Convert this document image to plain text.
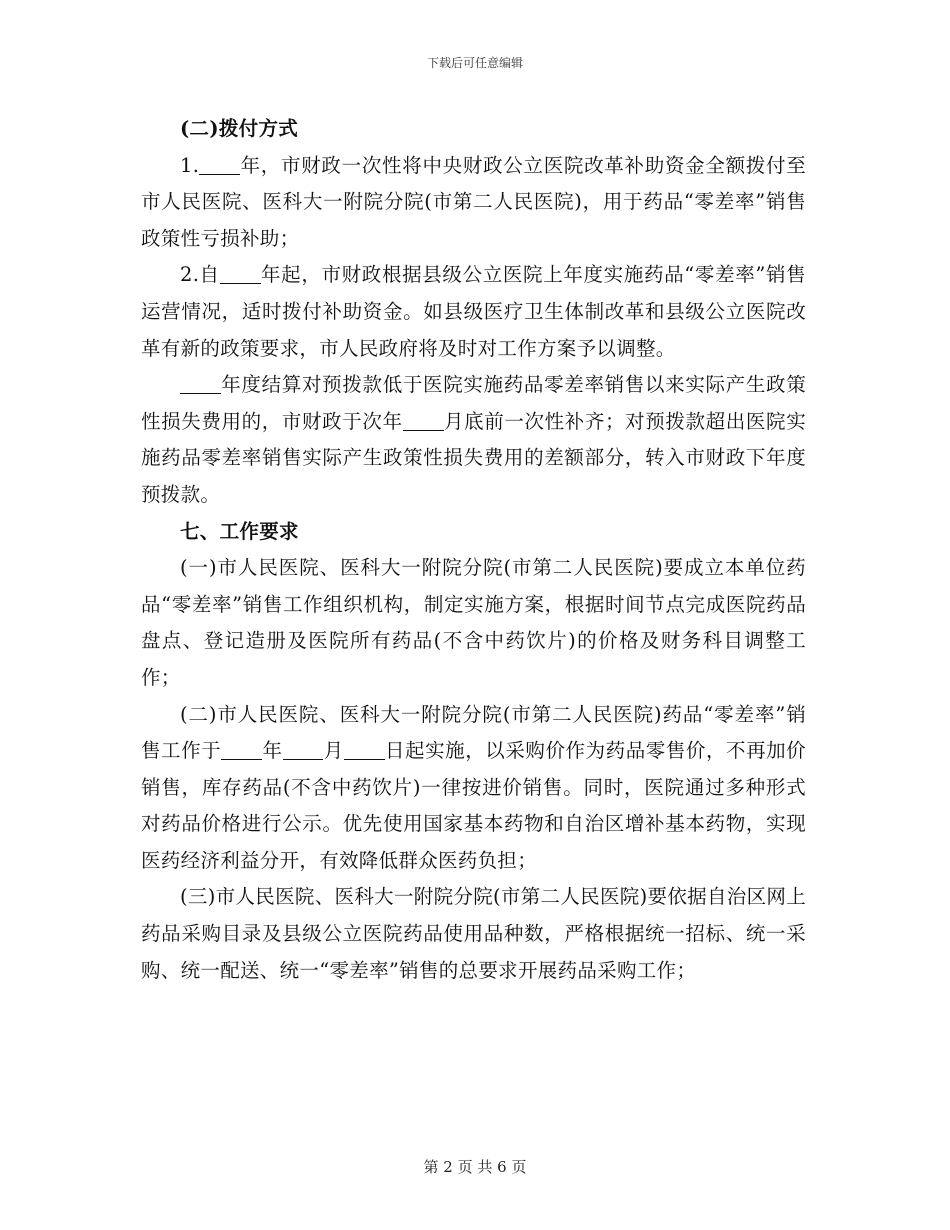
下载后可任意编辑

(二)拨付方式

1. 年，市财政一次性将中央财政公立医院改革补助资金全额拨付至市人民医院、医科大一附院分院(市第二人民医院)，用于药品“零差率”销售政策性亏损补助；

2.自 年起，市财政根据县级公立医院上年度实施药品“零差率”销售运营情况，适时拨付补助资金。如县级医疗卫生体制改革和县级公立医院改革有新的政策要求，市人民政府将及时对工作方案予以调整。

年度结算对预拨款低于医院实施药品零差率销售以来实际产生政策性损失费用的，市财政于次年 月底前一次性补齐；对预拨款超出医院实施药品零差率销售实际产生政策性损失费用的差额部分，转入市财政下年度预拨款。

七、工作要求

(一)市人民医院、医科大一附院分院(市第二人民医院)要成立本单位药品“零差率”销售工作组织机构，制定实施方案，根据时间节点完成医院药品盘点、登记造册及医院所有药品(不含中药饮片)的价格及财务科目调整工作；

(二)市人民医院、医科大一附院分院(市第二人民医院)药品“零差率”销售工作于 年 月 日起实施，以采购价作为药品零售价，不再加价销售，库存药品(不含中药饮片)一律按进价销售。同时，医院通过多种形式对药品价格进行公示。优先使用国家基本药物和自治区增补基本药物，实现医药经济利益分开，有效降低群众医药负担；

(三)市人民医院、医科大一附院分院(市第二人民医院)要依据自治区网上药品采购目录及县级公立医院药品使用品种数，严格根据统一招标、统一采购、统一配送、统一“零差率”销售的总要求开展药品采购工作；

第 2 页 共 6 页
